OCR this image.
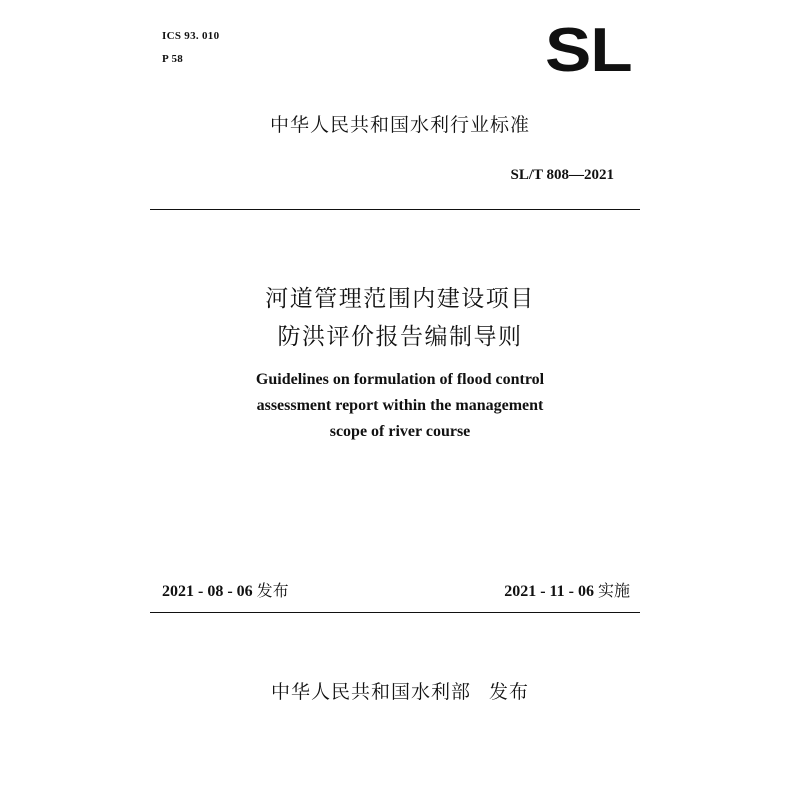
ICS 93. 010
P 58	SL
中华人民共和国水利行业标准
SL/T 808—2021
河道管理范围内建设项目
防洪评价报告编制导则
Guidelines on formulation of flood control
assessment report within the management
scope of river course
2021 - 08 - 06 发布	2021 - 11 - 06 实施
中华人民共和国水利部 发布
